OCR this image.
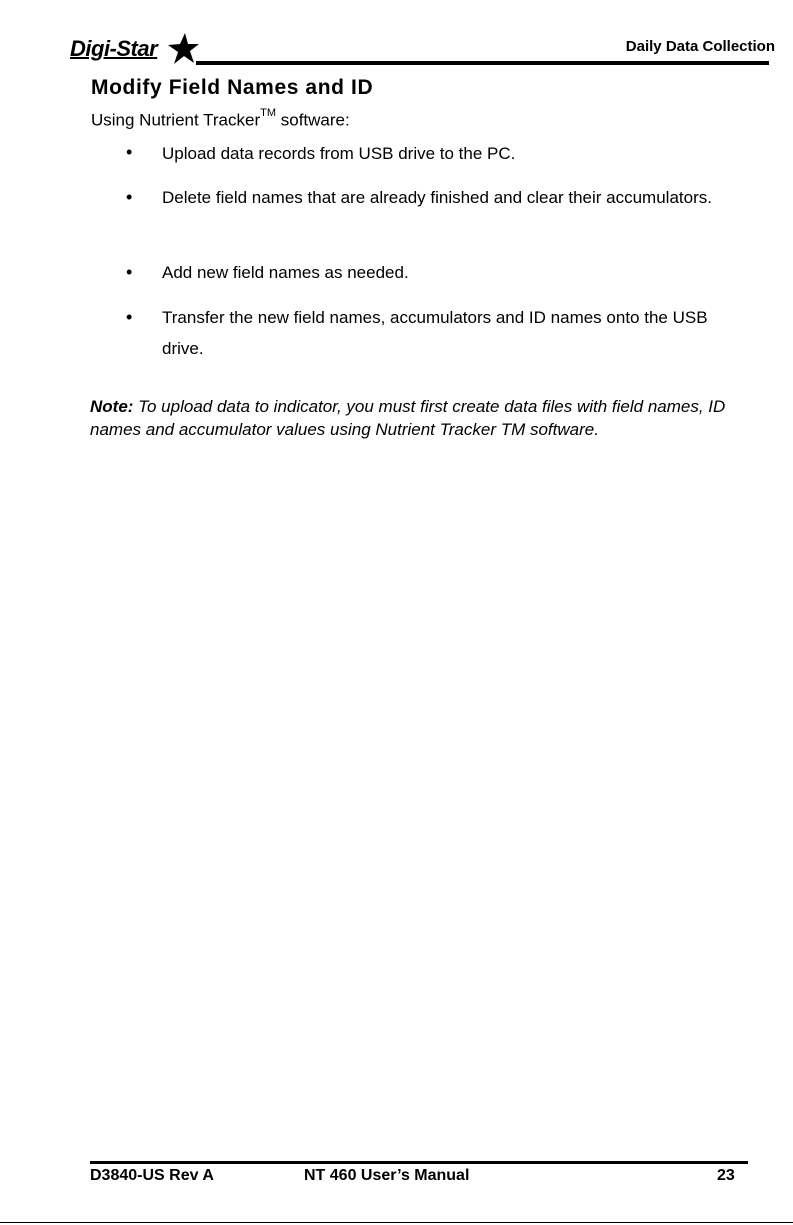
Digi-Star	Daily Data Collection
Modify Field Names and ID
Using Nutrient Tracker™ software:
• Upload data records from USB drive to the PC.
• Delete field names that are already finished and clear their accumulators.
• Add new field names as needed.
• Transfer the new field names, accumulators and ID names onto the USB drive.
Note: To upload data to indicator, you must first create data files with field names, ID names and accumulator values using Nutrient Tracker TM software.
D3840-US Rev A	NT 460 User’s Manual	23
